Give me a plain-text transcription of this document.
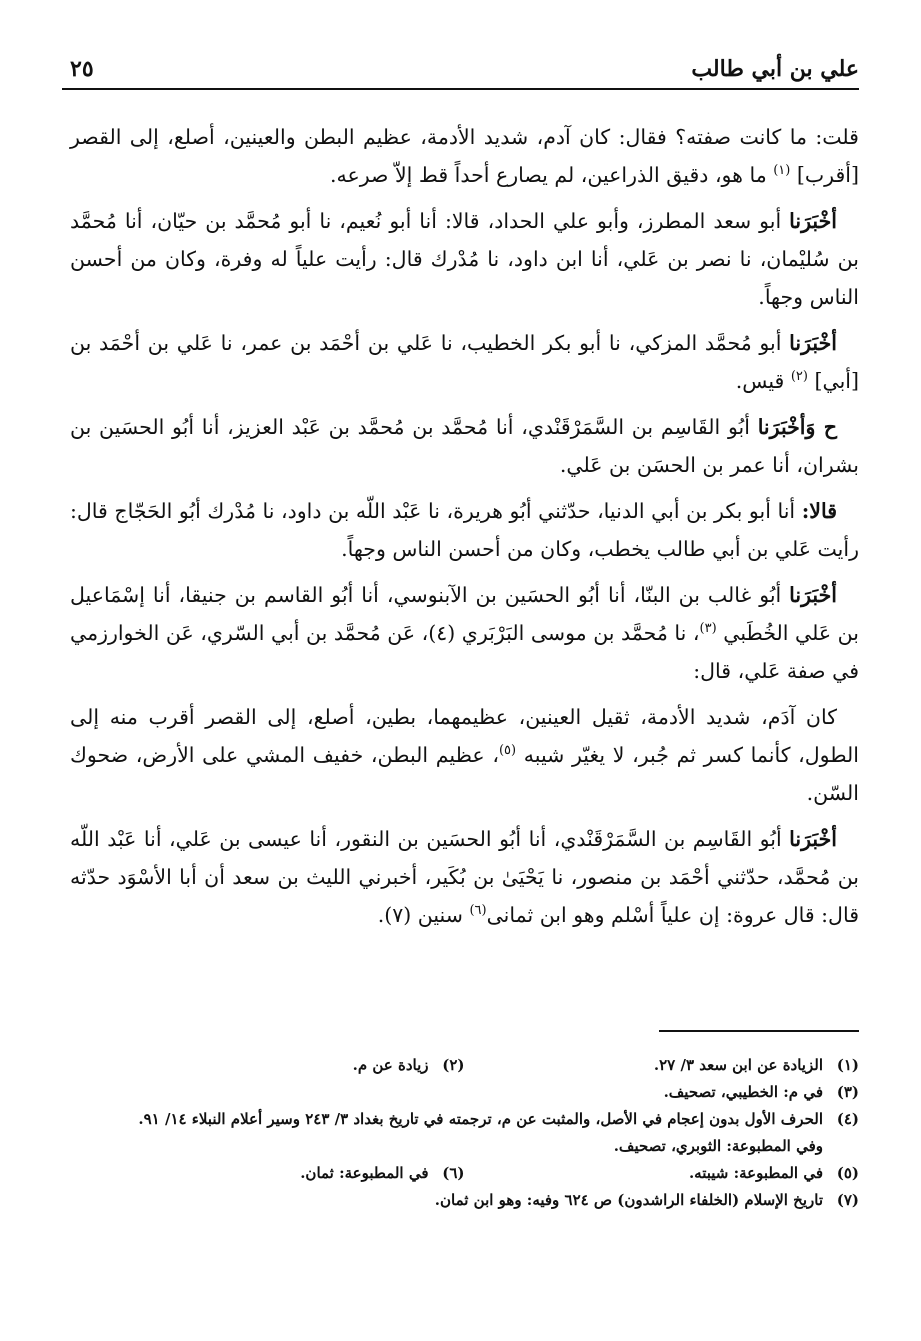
علي بن أبي طالب
٢٥

قلت: ما كانت صفته؟ فقال: كان آدم، شديد الأدمة، عظيم البطن والعينين، أصلع، إلى القصر [أقرب] $^{(١)}$ ما هو، دقيق الذراعين، لم يصارع أحداً قط إلاّ صرعه.

أخْبَرَنا أبو سعد المطرز، وأبو علي الحداد، قالا: أنا أبو نُعيم، نا أبو مُحمَّد بن حيّان، أنا مُحمَّد بن سُليْمان، نا نصر بن عَلي، أنا ابن داود، نا مُدْرك قال: رأيت علياً له وفرة، وكان من أحسن الناس وجهاً.

أخْبَرَنا أبو مُحمَّد المزكي، نا أبو بكر الخطيب، نا عَلي بن أحْمَد بن عمر، نا عَلي بن أحْمَد بن [أبي] $^{(٢)}$ قيس.

ح وَأخْبَرَنا أبُو القَاسِم بن السَّمَرْقَنْدي، أنا مُحمَّد بن مُحمَّد بن عَبْد العزيز، أنا أبُو الحسَين بن بشران، أنا عمر بن الحسَن بن عَلي.

قالا: أنا أبو بكر بن أبي الدنيا، حدّثني أبُو هريرة، نا عَبْد اللّه بن داود، نا مُدْرك أبُو الحَجّاج قال: رأيت عَلي بن أبي طالب يخطب، وكان من أحسن الناس وجهاً.

أخْبَرَنا أبُو غالب بن البنّا، أنا أبُو الحسَين بن الآبنوسي، أنا أبُو القاسم بن جنيقا، أنا إسْمَاعيل بن عَلي الخُطَبي $^{(٣)}$، نا مُحمَّد بن موسى البَرْبَري (٤)، عَن مُحمَّد بن أبي السّري، عَن الخوارزمي في صفة عَلي، قال:

كان آدَم، شديد الأدمة، ثقيل العينين، عظيمهما، بطين، أصلع، إلى القصر أقرب منه إلى الطول، كأنما كسر ثم جُبر، لا يغيّر شيبه $^{(٥)}$، عظيم البطن، خفيف المشي على الأرض، ضحوك السّن.

أخْبَرَنا أبُو القَاسِم بن السَّمَرْقَنْدي، أنا أبُو الحسَين بن النقور، أنا عيسى بن عَلي، أنا عَبْد اللّه بن مُحمَّد، حدّثني أحْمَد بن منصور، نا يَحْيَىٰ بن بُكَير، أخبرني الليث بن سعد أن أبا الأسْوَد حدّثه قال: قال عروة: إن علياً أسْلم وهو ابن ثمانى$^{(٦)}$ سنين (٧).

(١)
الزيادة عن ابن سعد ٣/ ٢٧.
(٢)
زيادة عن م.
(٣)
في م: الخطيبي، تصحيف.
(٤)
الحرف الأول بدون إعجام في الأصل، والمثبت عن م، ترجمته في تاريخ بغداد ٣/ ٢٤٣ وسير أعلام النبلاء ١٤/ ٩١.
وفي المطبوعة: الثوبري، تصحيف.
(٥)
في المطبوعة: شيبته.
(٦)
في المطبوعة: ثمان.
(٧)
تاريخ الإسلام (الخلفاء الراشدون) ص ٦٢٤ وفيه: وهو ابن ثمان.
